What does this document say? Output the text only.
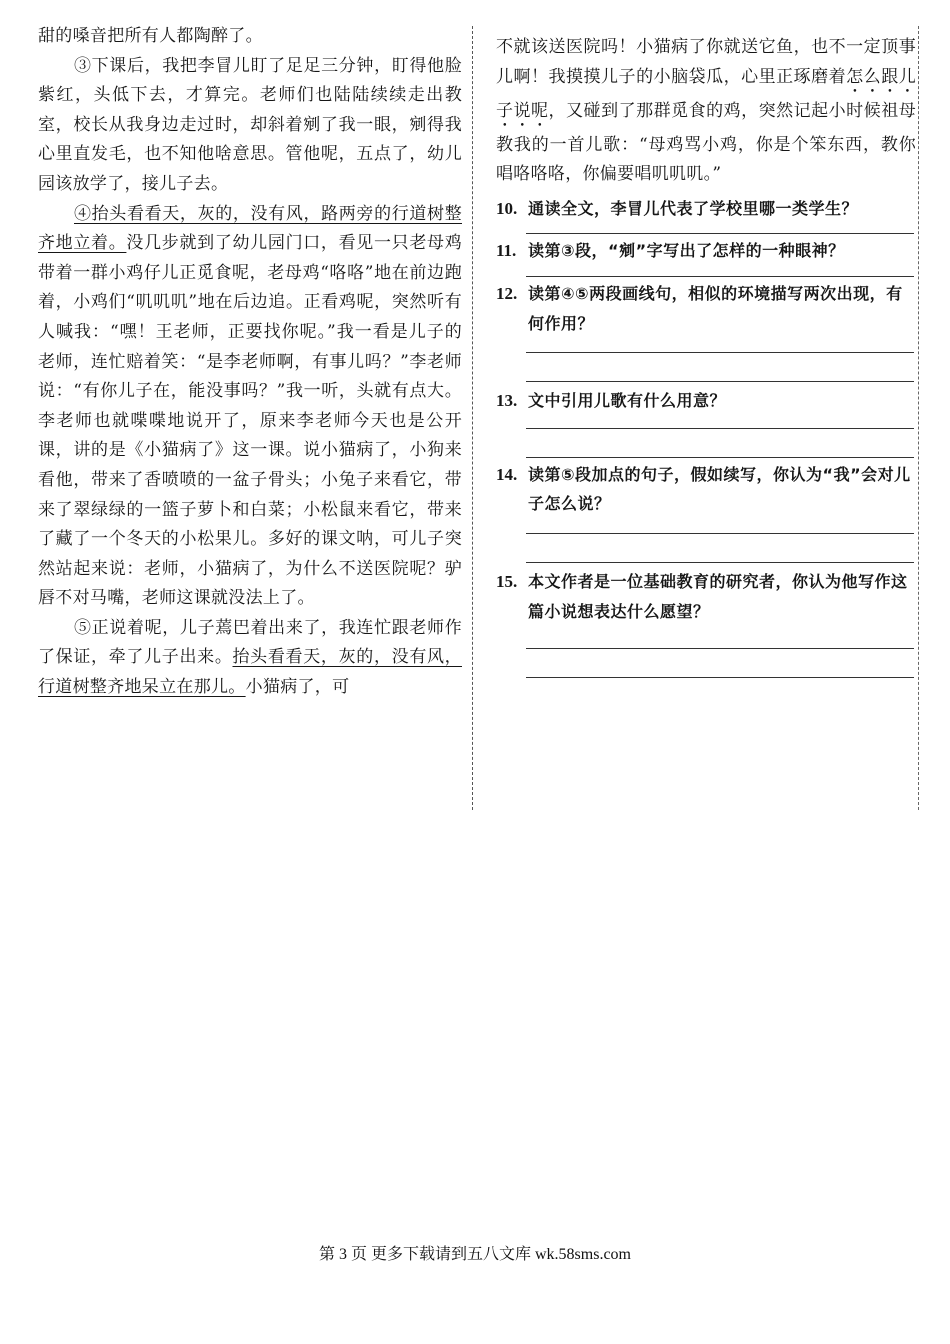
甜的嗓音把所有人都陶醉了。

③下课后，我把李冒儿盯了足足三分钟，盯得他脸紫红，头低下去，才算完。老师们也陆陆续续走出教室，校长从我身边走过时，却斜着剜了我一眼，剜得我心里直发毛，也不知他啥意思。管他呢，五点了，幼儿园该放学了，接儿子去。

④抬头看看天，灰的，没有风，路两旁的行道树整齐地立着。没几步就到了幼儿园门口，看见一只老母鸡带着一群小鸡仔儿正觅食呢，老母鸡“咯咯”地在前边跑着，小鸡们“叽叽叽”地在后边追。正看鸡呢，突然听有人喊我：“嘿！王老师，正要找你呢。”我一看是儿子的老师，连忙赔着笑：“是李老师啊，有事儿吗？”李老师说：“有你儿子在，能没事吗？”我一听，头就有点大。李老师也就喋喋地说开了，原来李老师今天也是公开课，讲的是《小猫病了》这一课。说小猫病了，小狗来看他，带来了香喷喷的一盆子骨头；小兔子来看它，带来了翠绿绿的一篮子萝卜和白菜；小松鼠来看它，带来了藏了一个冬天的小松果儿。多好的课文呐，可儿子突然站起来说：老师，小猫病了，为什么不送医院呢？驴唇不对马嘴，老师这课就没法上了。

⑤正说着呢，儿子蔫巴着出来了，我连忙跟老师作了保证，牵了儿子出来。抬头看看天，灰的，没有风，行道树整齐地呆立在那儿。小猫病了，可

不就该送医院吗！小猫病了你就送它鱼，也不一定顶事儿啊！我摸摸儿子的小脑袋瓜，心里正琢磨着怎么跟儿子说呢，又碰到了那群觅食的鸡，突然记起小时候祖母教我的一首儿歌：“母鸡骂小鸡，你是个笨东西，教你唱咯咯咯，你偏要唱叽叽叽。”

10. 通读全文，李冒儿代表了学校里哪一类学生？
11. 读第③段，“剜”字写出了怎样的一种眼神？
12. 读第④⑤两段画线句，相似的环境描写两次出现，有何作用？
13. 文中引用儿歌有什么用意？
14. 读第⑤段加点的句子，假如续写，你认为“我”会对儿子怎么说？
15. 本文作者是一位基础教育的研究者，你认为他写作这篇小说想表达什么愿望？
第 3 页 更多下载请到五八文库 wk.58sms.com
